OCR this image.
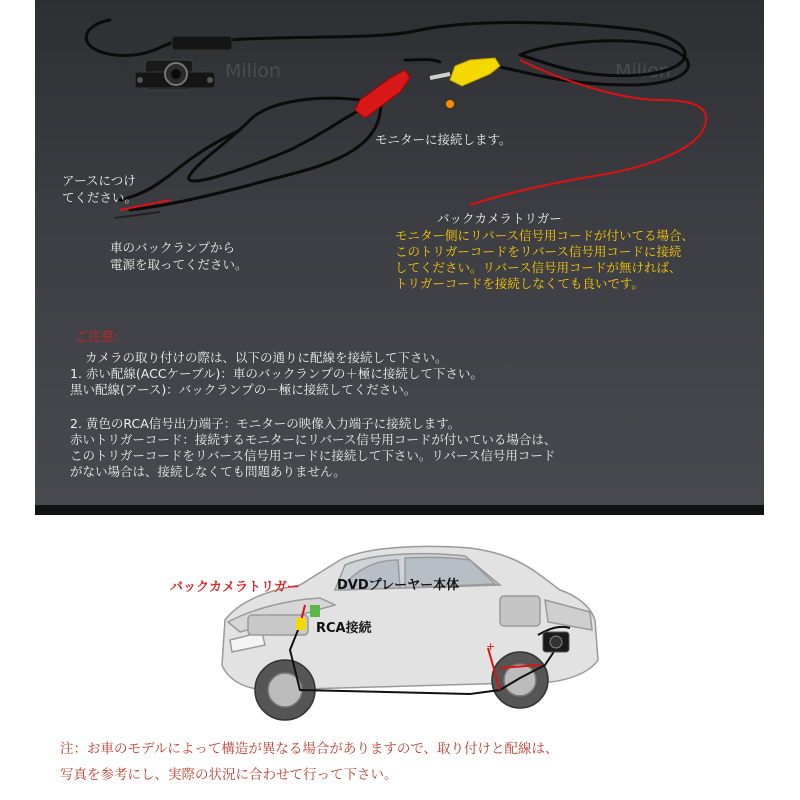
Milion	Milion
モニターに接続します。
アースにつけ
てください。
車のバックランプから
電源を取ってください。
バックカメラトリガー
モニター側にリバース信号用コードが付いてる場合、
このトリガーコードをリバース信号用コードに接続
してください。リバース信号用コードが無ければ、
トリガーコードを接続しなくても良いです。
ご注意:
カメラの取り付けの際は、以下の通りに配線を接続して下さい。
1. 赤い配線(ACCケーブル)：車のバックランプの＋極に接続して下さい。
黒い配線(アース)：バックランプの－極に接続してください。
2. 黄色のRCA信号出力端子：モニターの映像入力端子に接続します。
赤いトリガーコード：接続するモニターにリバース信号用コードが付いている場合は、
このトリガーコードをリバース信号用コードに接続して下さい。リバース信号用コード
がない場合は、接続しなくても問題ありません。
+
バックカメラトリガー	DVDプレーヤー本体
RCA接続
注：お車のモデルによって構造が異なる場合がありますので、取り付けと配線は、
写真を参考にし、実際の状況に合わせて行って下さい。
